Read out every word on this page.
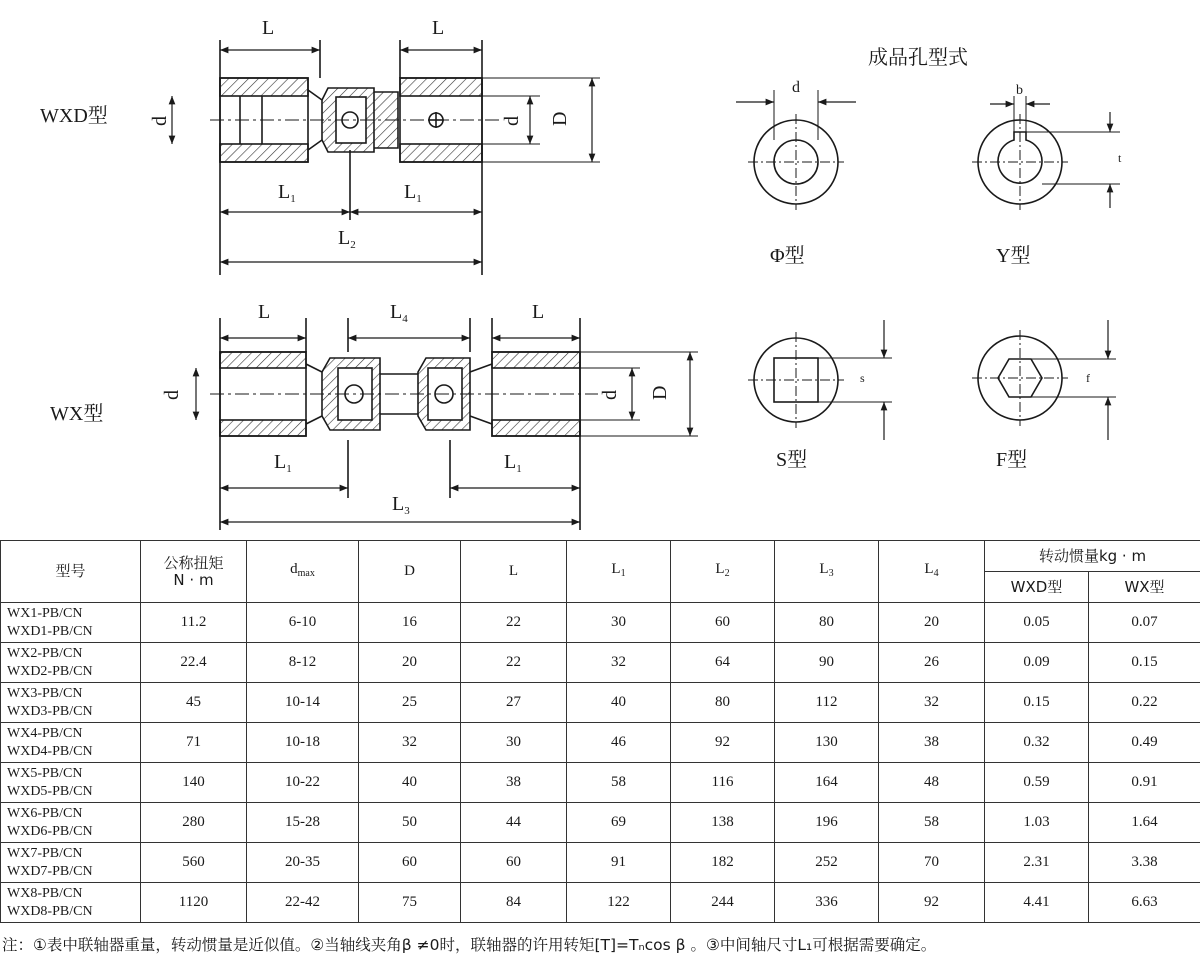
WXD型
L	L
d	d D
$L_1$	$L_1$
$L_2$
WX型
L	$L_4$	L
d	d D
$L_1$	$L_1$
$L_3$
成品孔型式
d
Φ型
b
t
Y型
s
S型
f
F型
型号	公称扭矩
N · m	$d_{max}$	D	L	$L_1$	$L_2$	$L_3$	$L_4$	转动惯量kg · m	
									WXD型	WX型
WX1-PB/CN
WXD1-PB/CN	11.2	6-10	16	22	30	60	80	20	0.05	0.07
WX2-PB/CN
WXD2-PB/CN	22.4	8-12	20	22	32	64	90	26	0.09	0.15
WX3-PB/CN
WXD3-PB/CN	45	10-14	25	27	40	80	112	32	0.15	0.22
WX4-PB/CN
WXD4-PB/CN	71	10-18	32	30	46	92	130	38	0.32	0.49
WX5-PB/CN
WXD5-PB/CN	140	10-22	40	38	58	116	164	48	0.59	0.91
WX6-PB/CN
WXD6-PB/CN	280	15-28	50	44	69	138	196	58	1.03	1.64
WX7-PB/CN
WXD7-PB/CN	560	20-35	60	60	91	182	252	70	2.31	3.38
WX8-PB/CN
WXD8-PB/CN	1120	22-42	75	84	122	244	336	92	4.41	6.63
注：①表中联轴器重量，转动惯量是近似值。②当轴线夹角β ≠0时，联轴器的许用转矩[T]=Tₙcos β 。③中间轴尺寸L₁可根据需要确定。
